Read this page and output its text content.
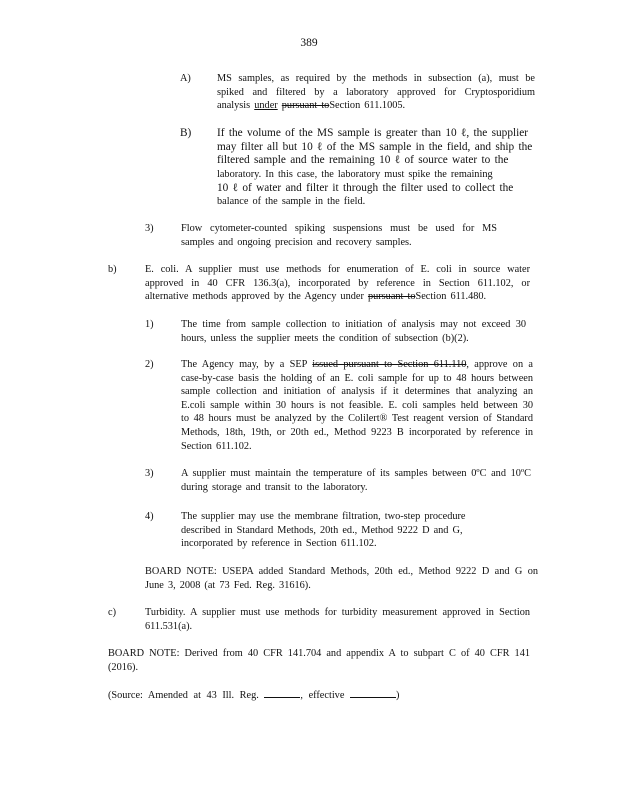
389
A)	MS samples, as required by the methods in subsection (a), must be spiked and filtered by a laboratory approved for Cryptosporidium analysis under pursuant toSection 611.1005.
B) If the volume of the MS sample is greater than 10 ℓ, the supplier
may filter all but 10 ℓ of the MS sample in the field, and ship the
filtered sample and the remaining 10 ℓ of source water to the
laboratory. In this case, the laboratory must spike the remaining
10 ℓ of water and filter it through the filter used to collect the
balance of the sample in the field.
3)	Flow cytometer-counted spiking suspensions must be used for MS samples and ongoing precision and recovery samples.
b)	E. coli. A supplier must use methods for enumeration of E. coli in source water approved in 40 CFR 136.3(a), incorporated by reference in Section 611.102, or alternative methods approved by the Agency under pursuant toSection 611.480.
1)	The time from sample collection to initiation of analysis may not exceed 30 hours, unless the supplier meets the condition of subsection (b)(2).
2)	The Agency may, by a SEP issued pursuant to Section 611.110, approve on a case-by-case basis the holding of an E. coli sample for up to 48 hours between sample collection and initiation of analysis if it determines that analyzing an E.coli sample within 30 hours is not feasible. E. coli samples held between 30 to 48 hours must be analyzed by the Colilert® Test reagent version of Standard Methods, 18th, 19th, or 20th ed., Method 9223 B incorporated by reference in Section 611.102.
3)	A supplier must maintain the temperature of its samples between 0ºC and 10ºC during storage and transit to the laboratory.
4)	The supplier may use the membrane filtration, two-step procedure
described in Standard Methods, 20th ed., Method 9222 D and G,
incorporated by reference in Section 611.102.
BOARD NOTE: USEPA added Standard Methods, 20th ed., Method 9222 D and G on June 3, 2008 (at 73 Fed. Reg. 31616).
c)	Turbidity. A supplier must use methods for turbidity measurement approved in Section 611.531(a).
BOARD NOTE: Derived from 40 CFR 141.704 and appendix A to subpart C of 40 CFR 141 (2016).
(Source: Amended at 43 Ill. Reg.	, effective	)
